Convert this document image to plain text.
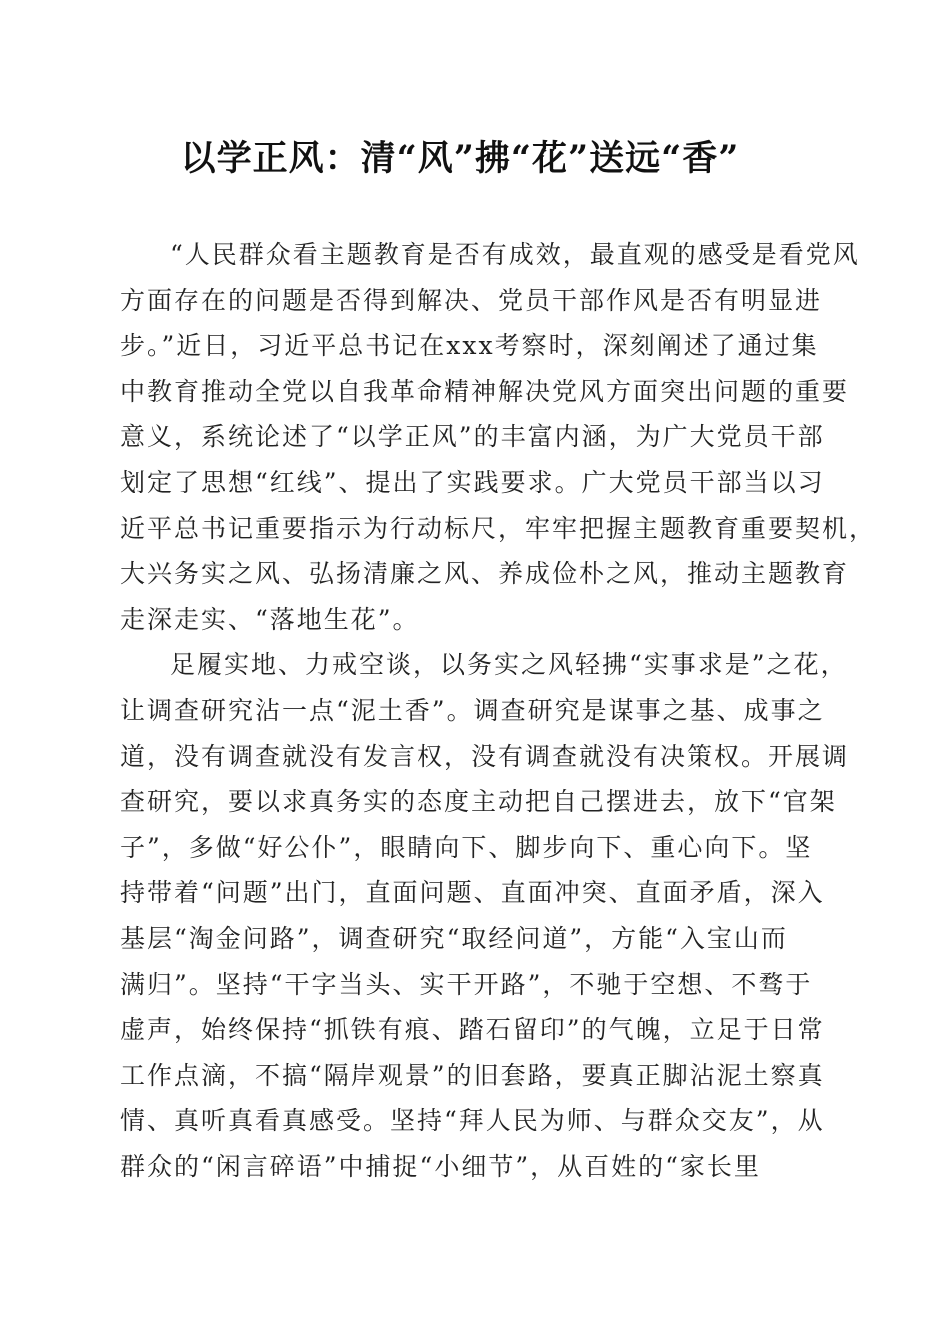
以学正风：清“风”拂“花”送远“香”
“人民群众看主题教育是否有成效，最直观的感受是看党风
方面存在的问题是否得到解决、党员干部作风是否有明显进
步。”近日，习近平总书记在xxx考察时，深刻阐述了通过集
中教育推动全党以自我革命精神解决党风方面突出问题的重要
意义，系统论述了“以学正风”的丰富内涵，为广大党员干部
划定了思想“红线”、提出了实践要求。广大党员干部当以习
近平总书记重要指示为行动标尺，牢牢把握主题教育重要契机，
大兴务实之风、弘扬清廉之风、养成俭朴之风，推动主题教育
走深走实、“落地生花”。
足履实地、力戒空谈，以务实之风轻拂“实事求是”之花，
让调查研究沾一点“泥土香”。调查研究是谋事之基、成事之
道，没有调查就没有发言权，没有调查就没有决策权。开展调
查研究，要以求真务实的态度主动把自己摆进去，放下“官架
子”，多做“好公仆”，眼睛向下、脚步向下、重心向下。坚
持带着“问题”出门，直面问题、直面冲突、直面矛盾，深入
基层“淘金问路”，调查研究“取经问道”，方能“入宝山而
满归”。坚持“干字当头、实干开路”，不驰于空想、不骛于
虚声，始终保持“抓铁有痕、踏石留印”的气魄，立足于日常
工作点滴，不搞“隔岸观景”的旧套路，要真正脚沾泥土察真
情、真听真看真感受。坚持“拜人民为师、与群众交友”，从
群众的“闲言碎语”中捕捉“小细节”，从百姓的“家长里
